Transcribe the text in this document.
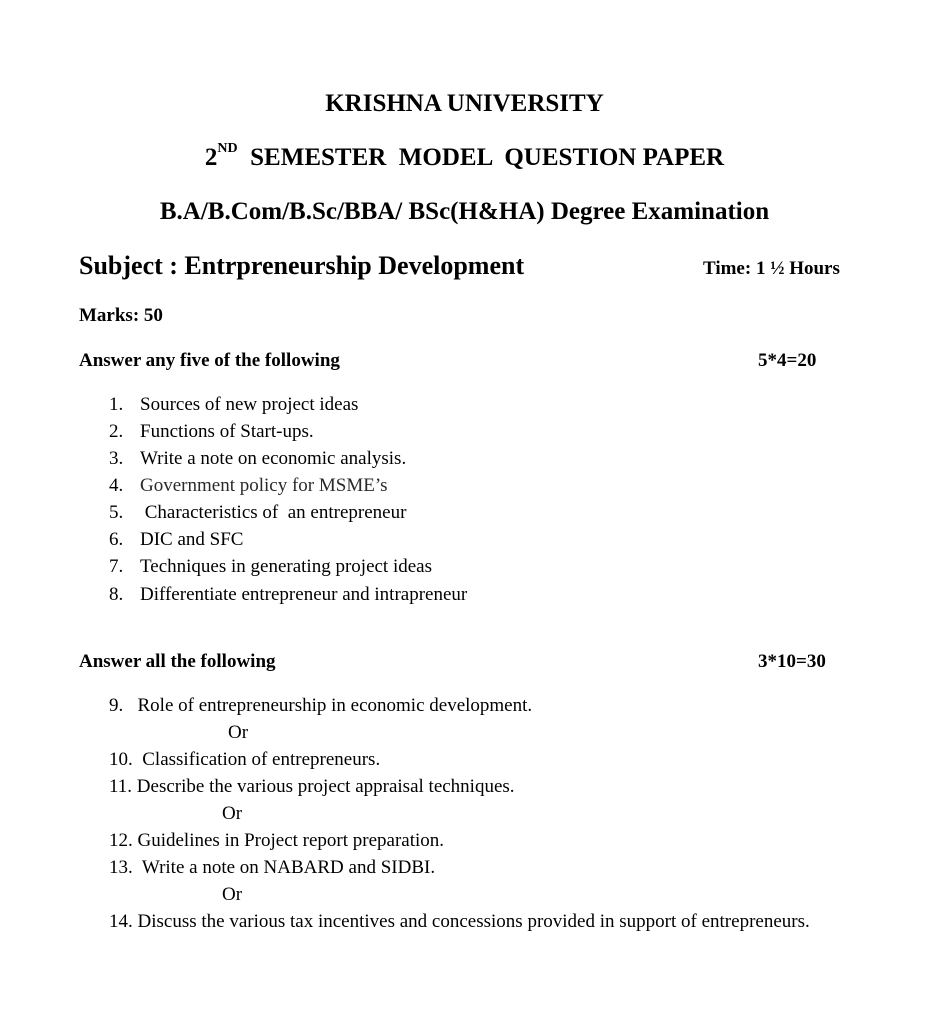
KRISHNA UNIVERSITY
2ND SEMESTER  MODEL  QUESTION PAPER
B.A/B.Com/B.Sc/BBA/ BSc(H&HA) Degree Examination
Subject : Entrpreneurship Development	Time: 1 ½ Hours
Marks: 50
Answer any five of the following	5*4=20
1. Sources of new project ideas
2. Functions of Start-ups.
3. Write a note on economic analysis.
4. Government policy for MSME’s
5. Characteristics of  an entrepreneur
6. DIC and SFC
7. Techniques in generating project ideas
8. Differentiate entrepreneur and intrapreneur
Answer all the following	3*10=30
9.   Role of entrepreneurship in economic development.
Or
10.  Classification of entrepreneurs.
11. Describe the various project appraisal techniques.
Or
12. Guidelines in Project report preparation.
13.  Write a note on NABARD and SIDBI.
Or
14. Discuss the various tax incentives and concessions provided in support of entrepreneurs.
